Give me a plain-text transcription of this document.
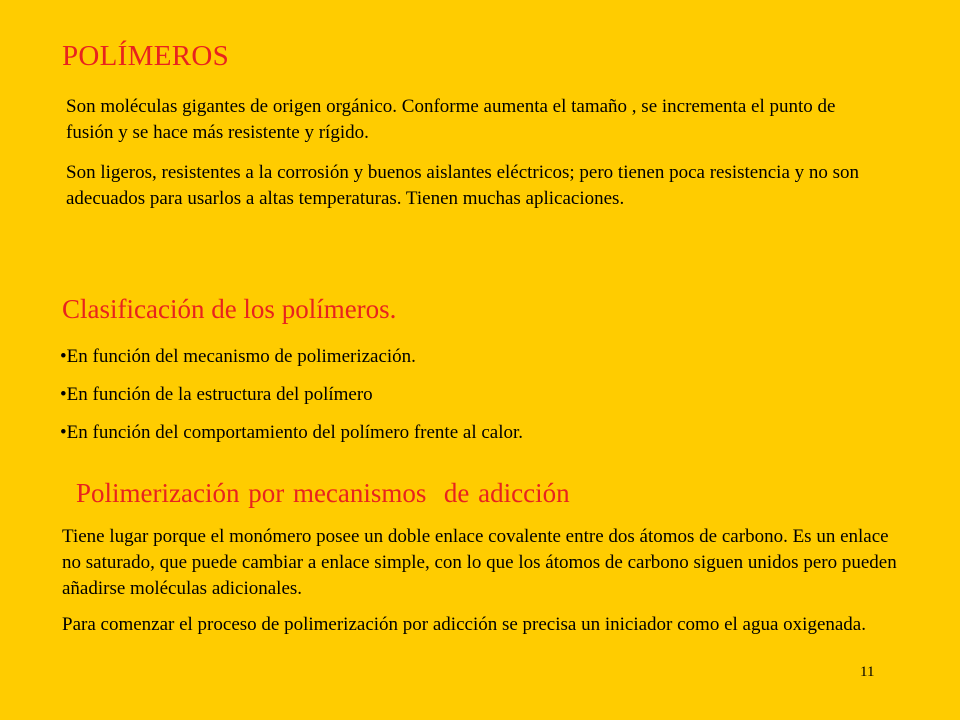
POLÍMEROS

Son moléculas gigantes de origen orgánico. Conforme aumenta el tamaño , se incrementa el punto de fusión y se hace más resistente y rígido.

Son ligeros, resistentes a la corrosión y buenos aislantes eléctricos; pero tienen poca resistencia y no son adecuados para usarlos a altas temperaturas. Tienen muchas aplicaciones.

Clasificación de los polímeros.
• En función del mecanismo de polimerización.
• En función de la estructura del polímero
• En función del comportamiento del polímero frente al calor.
Polimerización por mecanismos  de adicción

Tiene lugar porque el monómero posee un doble enlace covalente entre dos átomos de carbono. Es un enlace no saturado, que puede cambiar a enlace simple, con lo que los átomos de carbono siguen unidos pero pueden añadirse moléculas adicionales.

Para comenzar el proceso de polimerización por adicción se precisa un iniciador como el agua oxigenada.

11
